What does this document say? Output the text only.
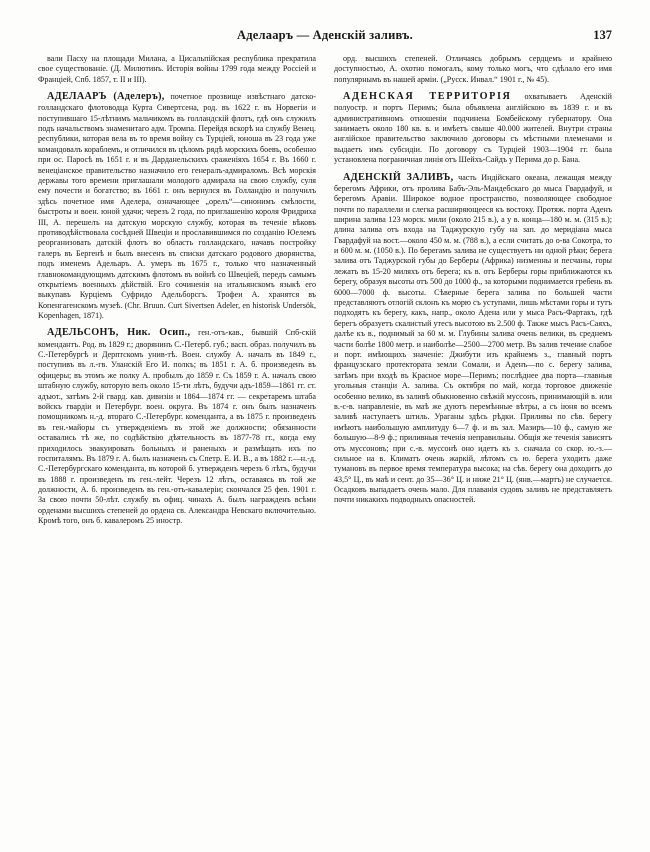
Аделааръ — Аденскій заливъ.	137

вали Пасху на площади Милана, а Цисальпійская республика прекратила свое существованіе. (Д. Милютинъ. Исторія войны 1799 года между Россіей и Франціей, Спб. 1857, т. II и III).

АДЕЛААРЪ (Аделеръ), почетное прозвище извѣстнаго датско-голландскаго флотоводца Курта Сивертсена, род. въ 1622 г. въ Норвегіи и поступившаго 15-лѣтнимъ мальчикомъ въ голландскій флотъ, гдѣ онъ служилъ подъ начальствомъ знаменитаго адм. Тромпа. Перейдя вскорѣ на службу Венец. республики, которая вела въ то время войну съ Турціей, юноша въ 23 года уже командовалъ кораблемъ, и отличился въ цѣломъ рядѣ морскихъ боевъ, особенно при ос. Паросѣ въ 1651 г. и въ Дарданельскихъ сраженіяхъ 1654 г. Въ 1660 г. венеціанское правительство назначило его генералъ-адмираломъ. Всѣ морскія державы того времени приглашали молодого адмирала на свою службу, суля ему почести и богатство; въ 1661 г. онъ вернулся въ Голландію и получилъ здѣсь почетное имя Аделера, означающее „орелъ“—синонимъ смѣлости, быстроты и воен. юной удачи; черезъ 2 года, по приглашенію короля Фридриха III, А. перешелъ на датскую морскую службу, которая въ теченіе вѣковъ противодѣйствовала сосѣдней Швеціи и прославившимся по созданію Юелемъ реорганизовать датскій флотъ во область голландскаго, начавъ постройку галеръ въ Бергенѣ и былъ внесенъ въ списки датскаго родового дворянства, подъ именемъ Адельаръ. А. умеръ въ 1675 г., только что назначенный главнокомандующимъ датскимъ флотомъ въ войнѣ со Швеціей, передъ самымъ открытіемъ военныхъ дѣйствій. Его сочиненія на итальянскомъ языкѣ его выкупавъ Курціемъ Суфридо Адельборсгъ. Трофеи А. хранятся въ Копенгагенскомъ музеѣ. (Chr. Bruun. Curt Sivertsen Adeler, en historisk Undersök, Kopenhagen, 1871).

АДЕЛЬСОНЪ, Ник. Осип., ген.-отъ-кав., бывшій Спб-скій комендантъ. Род. въ 1829 г.; дворянинъ С.-Петерб. губ.; васп. образ. получилъ въ С.-Петербургѣ и Дерптскомъ унив-тѣ. Воен. службу А. началъ въ 1849 г., поступивъ въ л.-гв. Уланскій Его И. полкъ; въ 1851 г. А. б. произведенъ въ офицеры; въ этомъ же полку А. пробылъ до 1859 г. Съ 1859 г. А. началъ свою штабную службу, которую велъ около 15-ти лѣтъ, будучи адъ-1859—1861 гг. ст. адъют., затѣмъ 2-й гвард. кав. дивизіи и 1864—1874 гг. — секретаремъ штаба войскъ гвардіи и Петербург. воен. округа. Въ 1874 г. онъ былъ назначенъ помощникомъ н.-д. втораго С.-Петербург. коменданта, а въ 1875 г. произведенъ въ ген.-майоры съ утвержденіемъ въ этой же должности; обязанности оставались тѣ же, по содѣйствію дѣятельность въ 1877-78 гг., когда ему приходилось эвакуировать больныхъ и раненыхъ и размѣщать ихъ по госпиталямъ. Въ 1879 г. А. былъ назначенъ съ Спетр. Е. И. В., а въ 1882 г.—н.-д. С.-Петербургскаго коменданта, въ которой б. утвержденъ черезъ 6 лѣтъ, будучи въ 1888 г. произведенъ въ ген.-лейт. Черезъ 12 лѣтъ, оставаясь въ той же должности, А. б. произведенъ въ ген.-отъ-кавалеріи; скончался 25 фев. 1901 г. За свою почти 50-лѣт. службу въ офиц. чинахъ А. былъ награжденъ всѣми орденами высшихъ степеней до ордена св. Александра Невскаго включительно. Кромѣ того, онъ б. кавалеромъ 25 иностр.

орд. высшихъ степеней. Отличаясь добрымъ сердцемъ и крайнею доступностью, А. охотно помогалъ, кому только могъ, что сдѣлало его имя популярнымъ въ нашей арміи. („Русск. Инвал.“ 1901 г., № 45).

АДЕНСКАЯ ТЕРРИТОРІЯ охватываетъ Аденскій полуостр. и портъ Перимъ; была объявлена англійскою въ 1839 г. и въ административномъ отношеніи подчинена Бомбейскому губернатору. Она занимаетъ около 180 кв. в. и имѣетъ свыше 40.000 жителей. Внутри страны англійское правительство заключило договоры съ мѣстными племенами и выдаетъ имъ субсидіи. По договору съ Турціей 1903—1904 гг. была установлена пограничная линія отъ Шейхъ-Сайдъ у Перима до р. Бана.

АДЕНСКІЙ ЗАЛИВЪ, часть Индійскаго океана, лежащая между берегомъ Африки, отъ пролива Бабъ-Эль-Мандебскаго до мыса Гвардафуй, и берегомъ Аравіи. Широкое водное пространство, позволяющее свободное почти по параллели и слегка расширяющееся къ востоку. Протяж. порта Аденъ ширина залива 123 морск. мили (около 215 в.), а у в. конца—180 м. м. (315 в.); длина залива отъ входа на Таджурскую губу на зап. до меридіана мыса Гвардафуй на вост.—около 450 м. м. (788 в.), а если считать до о-ва Сокотра, то и 600 м. м. (1050 в.). По берегамъ залива не существуетъ ни одной рѣки; берега залива отъ Таджурской губы до Берберы (Африка) низменны и песчаны, горы лежатъ въ 15-20 миляхъ отъ берега; къ в. отъ Берберы горы приближаются къ берегу, образуя высоты отъ 500 до 1000 ф., за которыми поднимается гребень въ 6000—7000 ф. высоты. Сѣверные берега залива по большей части представляютъ отлогій склонъ къ морю съ уступами, лишь мѣстами горы и тутъ подходятъ къ берегу, какъ, напр., около Адена или у мыса Расъ-Фартакъ, гдѣ берегъ образуетъ скалистый утесъ высотою въ 2.500 ф. Также мысъ Расъ-Саяхъ, далѣе къ в., поднимый за 60 м. м. Глубины залива очень велики, въ среднемъ части болѣе 1800 метр. и наиболѣе—2500—2700 метр. Въ залив течение слабое и порт. имѣющихъ значеніе: Джибути изъ крайнемъ з., главный портъ французскаго протектората земли Сомали, и Аденъ—по с. берегу залива, затѣмъ при входѣ въ Красное море—Перимъ; послѣднее два порта—главныя угольныя станціи А. залива. Съ октября по май, когда торговое движеніе особенно велико, въ заливѣ обыкновенно свѣжій муссонъ, принимающій в. или в.-с-в. направленіе, въ маѣ же дуютъ перемѣнные вѣтры, а съ іюня во всемъ заливѣ наступаетъ штиль. Ураганы здѣсь рѣдки. Приливы по сѣв. берегу имѣютъ наибольшую амплитуду 6—7 ф. и въ зал. Мазиръ—10 ф., самую же большую—8-9 ф.; приливныя теченія неправильны. Общія же теченія зависятъ отъ муссоновъ; при с.-в. муссонѣ оно идетъ къ з. сначала со скор. ю.-з.—сильное на в. Климатъ очень жаркій, лѣтомъ съ ю. берега уходитъ даже тумановъ въ первое время температура высока; на сѣв. берегу она доходитъ до 43,5° Ц., въ маѣ и сент. до 35—36° Ц. и ниже 21° Ц. (янв.—мартъ) не случается. Осадковъ выпадаетъ очень мало. Для плаванія судовъ заливъ не представляетъ почти никакихъ подводныхъ опасностей.
